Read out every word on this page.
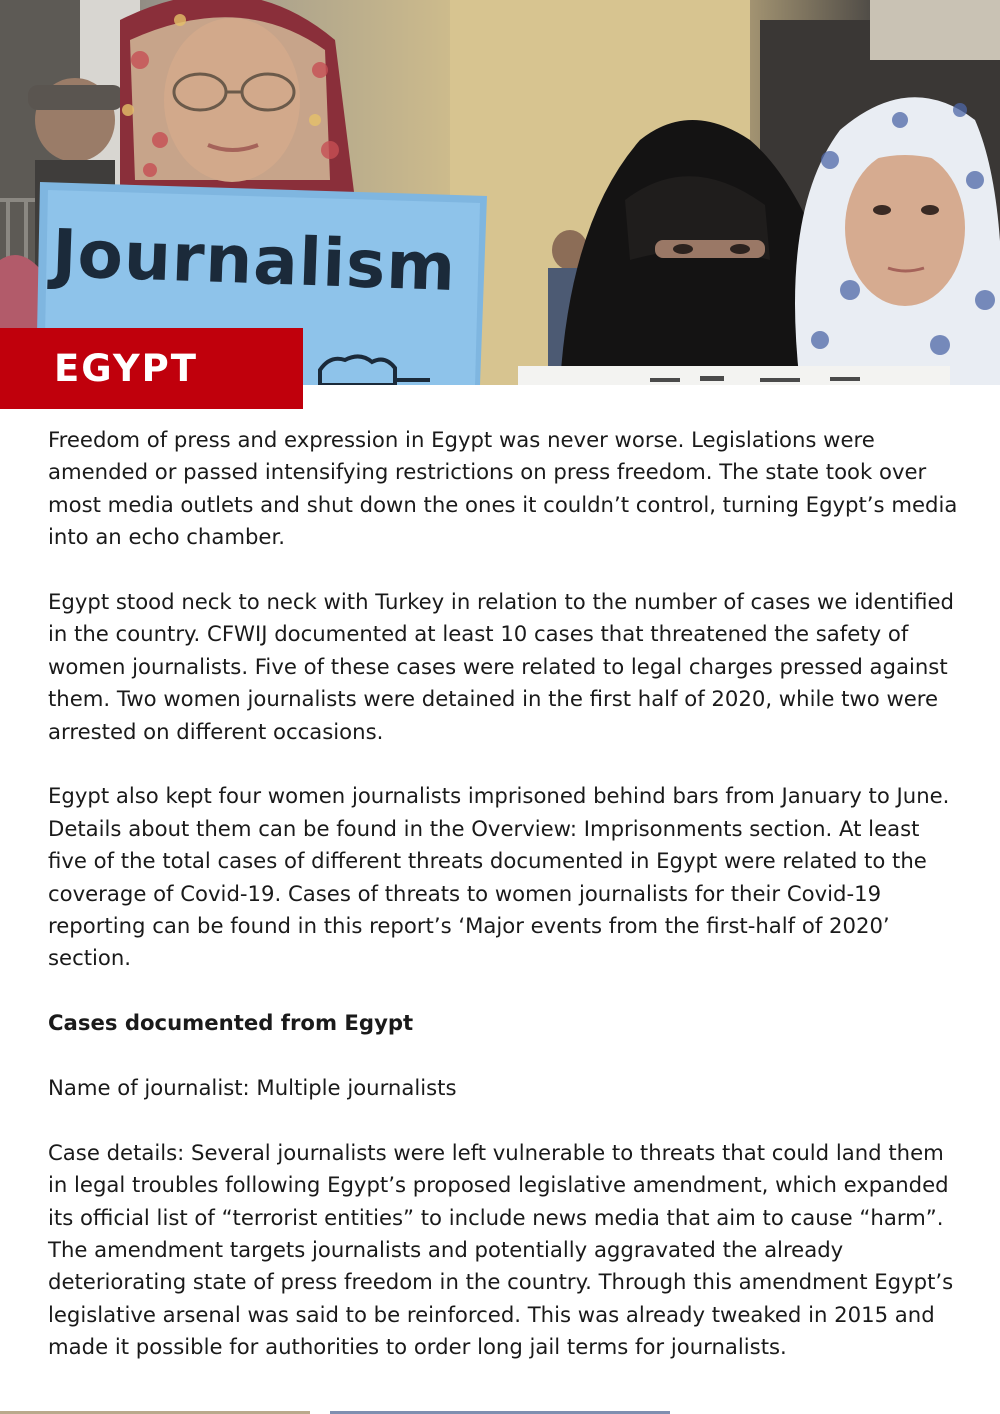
Journalism
EGYPT

Freedom of press and expression in Egypt was never worse. Legislations were amended or passed intensifying restrictions on press freedom. The state took over most media outlets and shut down the ones it couldn’t control, turning Egypt’s media into an echo chamber.

Egypt stood neck to neck with Turkey in relation to the number of cases we identified in the country. CFWIJ documented at least 10 cases that threatened the safety of women journalists. Five of these cases were related to legal charges pressed against them. Two women journalists were detained in the first half of 2020, while two were arrested on different occasions.

Egypt also kept four women journalists imprisoned behind bars from January to June. Details about them can be found in the Overview: Imprisonments section. At least five of the total cases of different threats documented in Egypt were related to the coverage of Covid-19. Cases of threats to women journalists for their Covid-19 reporting can be found in this report’s ‘Major events from the first-half of 2020’ section.

Cases documented from Egypt

Name of journalist: Multiple journalists

Case details: Several journalists were left vulnerable to threats that could land them in legal troubles following Egypt’s proposed legislative amendment, which expanded its official list of “terrorist entities” to include news media that aim to cause “harm”. The amendment targets journalists and potentially aggravated the already deteriorating state of press freedom in the country. Through this amendment Egypt’s legislative arsenal was said to be reinforced. This was already tweaked in 2015 and made it possible for authorities to order long jail terms for journalists.
